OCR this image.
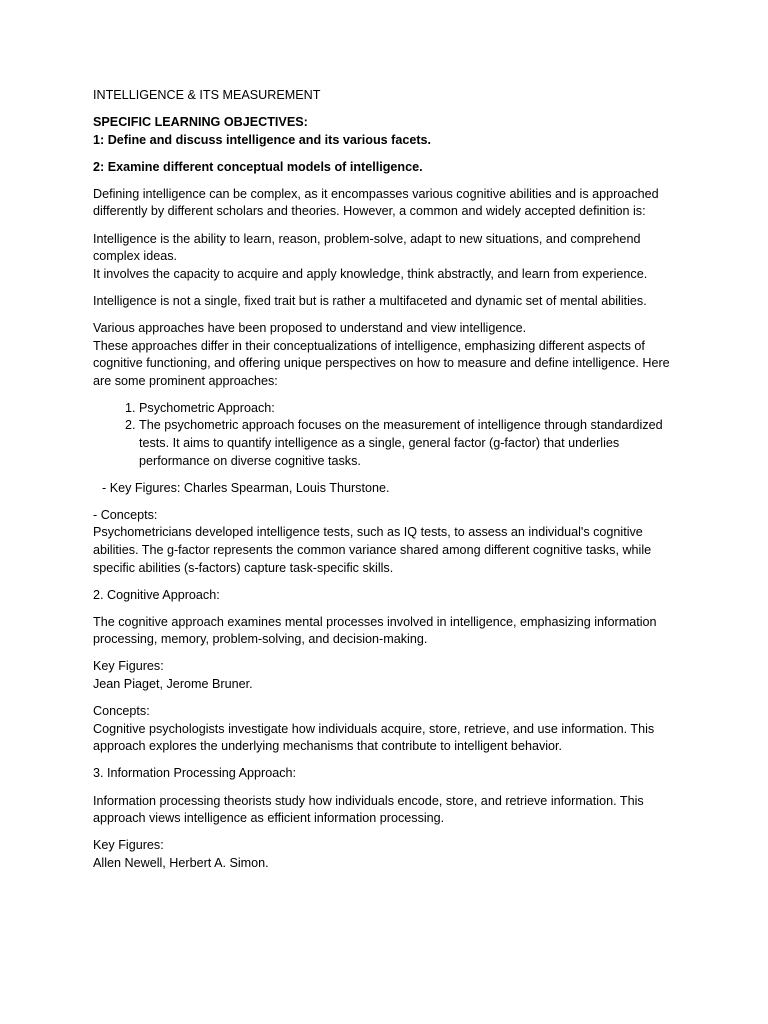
INTELLIGENCE & ITS MEASUREMENT

SPECIFIC LEARNING OBJECTIVES:

1: Define and discuss intelligence and its various facets.

2: Examine different conceptual models of intelligence.

Defining intelligence can be complex, as it encompasses various cognitive abilities and is approached differently by different scholars and theories. However, a common and widely accepted definition is:

Intelligence is the ability to learn, reason, problem-solve, adapt to new situations, and comprehend complex ideas.

It involves the capacity to acquire and apply knowledge, think abstractly, and learn from experience.

Intelligence is not a single, fixed trait but is rather a multifaceted and dynamic set of mental abilities.

Various approaches have been proposed to understand and view intelligence.

These approaches differ in their conceptualizations of intelligence, emphasizing different aspects of cognitive functioning, and offering unique perspectives on how to measure and define intelligence. Here are some prominent approaches:

1. Psychometric Approach:
2. The psychometric approach focuses on the measurement of intelligence through standardized tests. It aims to quantify intelligence as a single, general factor (g-factor) that underlies performance on diverse cognitive tasks.

- Key Figures: Charles Spearman, Louis Thurstone.

- Concepts:

Psychometricians developed intelligence tests, such as IQ tests, to assess an individual's cognitive abilities. The g-factor represents the common variance shared among different cognitive tasks, while specific abilities (s-factors) capture task-specific skills.

2. Cognitive Approach:

The cognitive approach examines mental processes involved in intelligence, emphasizing information processing, memory, problem-solving, and decision-making.

Key Figures:

Jean Piaget, Jerome Bruner.

Concepts:

Cognitive psychologists investigate how individuals acquire, store, retrieve, and use information. This approach explores the underlying mechanisms that contribute to intelligent behavior.

3. Information Processing Approach:

Information processing theorists study how individuals encode, store, and retrieve information. This approach views intelligence as efficient information processing.

Key Figures:

Allen Newell, Herbert A. Simon.
